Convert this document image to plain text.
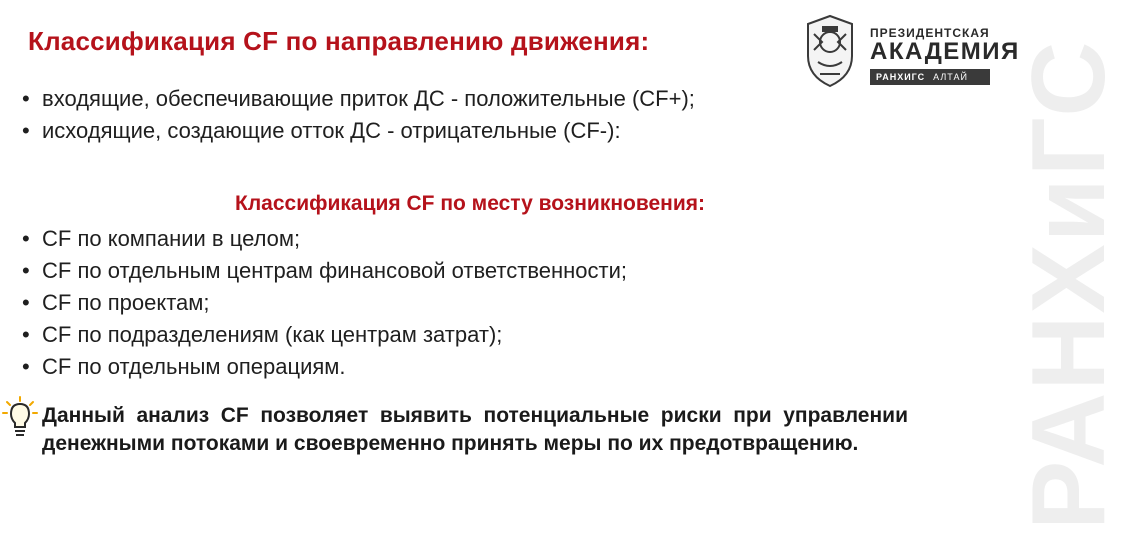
Классификация CF по направлению движения:	ПРЕЗИДЕНТСКАЯ
АКАДЕМИЯ
РАНХИГС АЛТАЙ РАНХиГС
• входящие, обеспечивающие приток ДС - положительные (CF+);
• исходящие, создающие отток ДС - отрицательные (CF-):
Классификация CF по месту возникновения:
• CF по компании в целом;
• CF по отдельным центрам финансовой ответственности;
• CF по проектам;
• CF по подразделениям (как центрам затрат);
• CF по отдельным операциям.
Данный анализ CF позволяет выявить потенциальные риски при управлении денежными потоками и своевременно принять меры по их предотвращению.
